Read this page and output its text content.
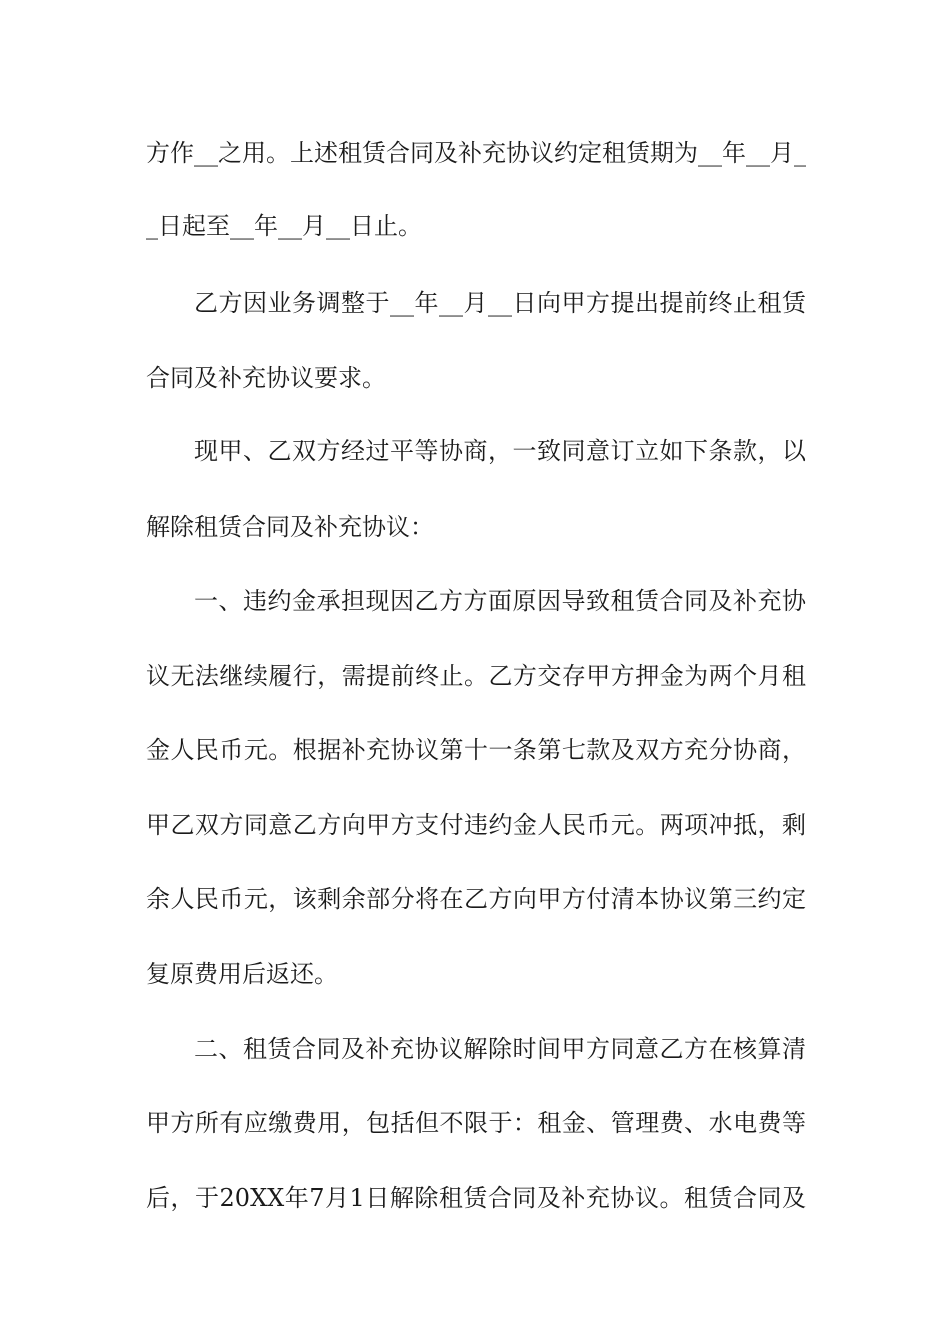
方作__之用。上述租赁合同及补充协议约定租赁期为__年__月_
_日起至__年__月__日止。
乙方因业务调整于__年__月__日向甲方提出提前终止租赁
合同及补充协议要求。
现甲、乙双方经过平等协商，一致同意订立如下条款，以
解除租赁合同及补充协议：
一、违约金承担现因乙方方面原因导致租赁合同及补充协
议无法继续履行，需提前终止。乙方交存甲方押金为两个月租
金人民币元。根据补充协议第十一条第七款及双方充分协商，
甲乙双方同意乙方向甲方支付违约金人民币元。两项冲抵，剩
余人民币元，该剩余部分将在乙方向甲方付清本协议第三约定
复原费用后返还。
二、租赁合同及补充协议解除时间甲方同意乙方在核算清
甲方所有应缴费用，包括但不限于：租金、管理费、水电费等
后，于20XX年7月1日解除租赁合同及补充协议。租赁合同及
